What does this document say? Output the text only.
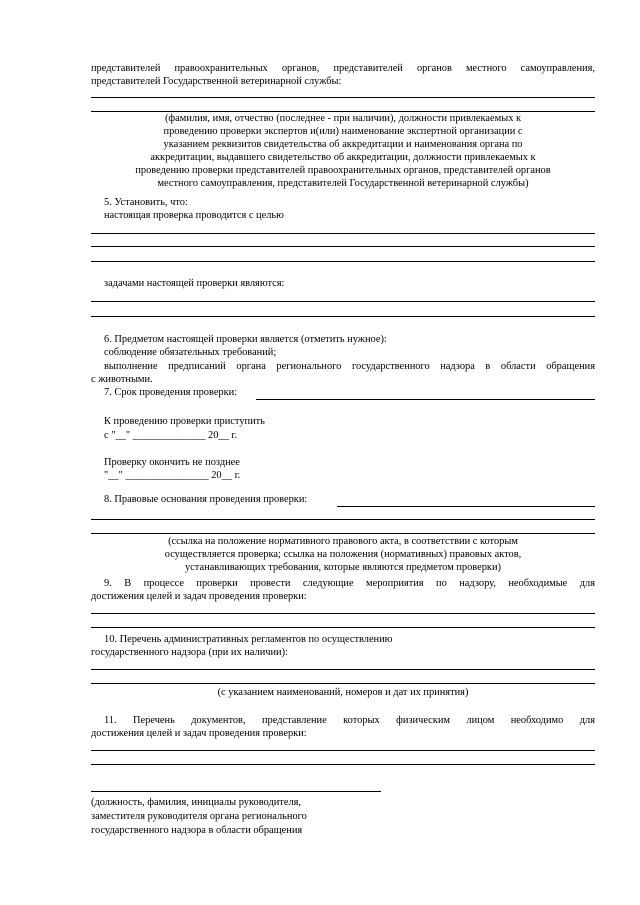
представителей правоохранительных органов, представителей органов местного самоуправления,
представителей Государственной ветеринарной службы:
(фамилия, имя, отчество (последнее - при наличии), должности привлекаемых к
проведению проверки экспертов и(или) наименование экспертной организации с
указанием реквизитов свидетельства об аккредитации и наименования органа по
аккредитации, выдавшего свидетельство об аккредитации, должности привлекаемых к
проведению проверки представителей правоохранительных органов, представителей органов
местного самоуправления, представителей Государственной ветеринарной службы)
5. Установить, что:
настоящая проверка проводится с целью
задачами настоящей проверки являются:
6. Предметом настоящей проверки является (отметить нужное):
соблюдение обязательных требований;
выполнение предписаний органа регионального государственного надзора в области обращения
с животными.
7. Срок проведения проверки:
К проведению проверки приступить
с "__" ______________ 20__ г.
Проверку окончить не позднее
"__" ________________ 20__ г.
8. Правовые основания проведения проверки:
(ссылка на положение нормативного правового акта, в соответствии с которым
осуществляется проверка; ссылка на положения (нормативных) правовых актов,
устанавливающих требования, которые являются предметом проверки)
9. В процессе проверки провести следующие мероприятия по надзору, необходимые для
достижения целей и задач проведения проверки:
10. Перечень административных регламентов по осуществлению
государственного надзора (при их наличии):
(с указанием наименований, номеров и дат их принятия)
11. Перечень документов, представление которых физическим лицом необходимо для
достижения целей и задач проведения проверки:
(должность, фамилия, инициалы руководителя,
заместителя руководителя органа регионального
государственного надзора в области обращения
